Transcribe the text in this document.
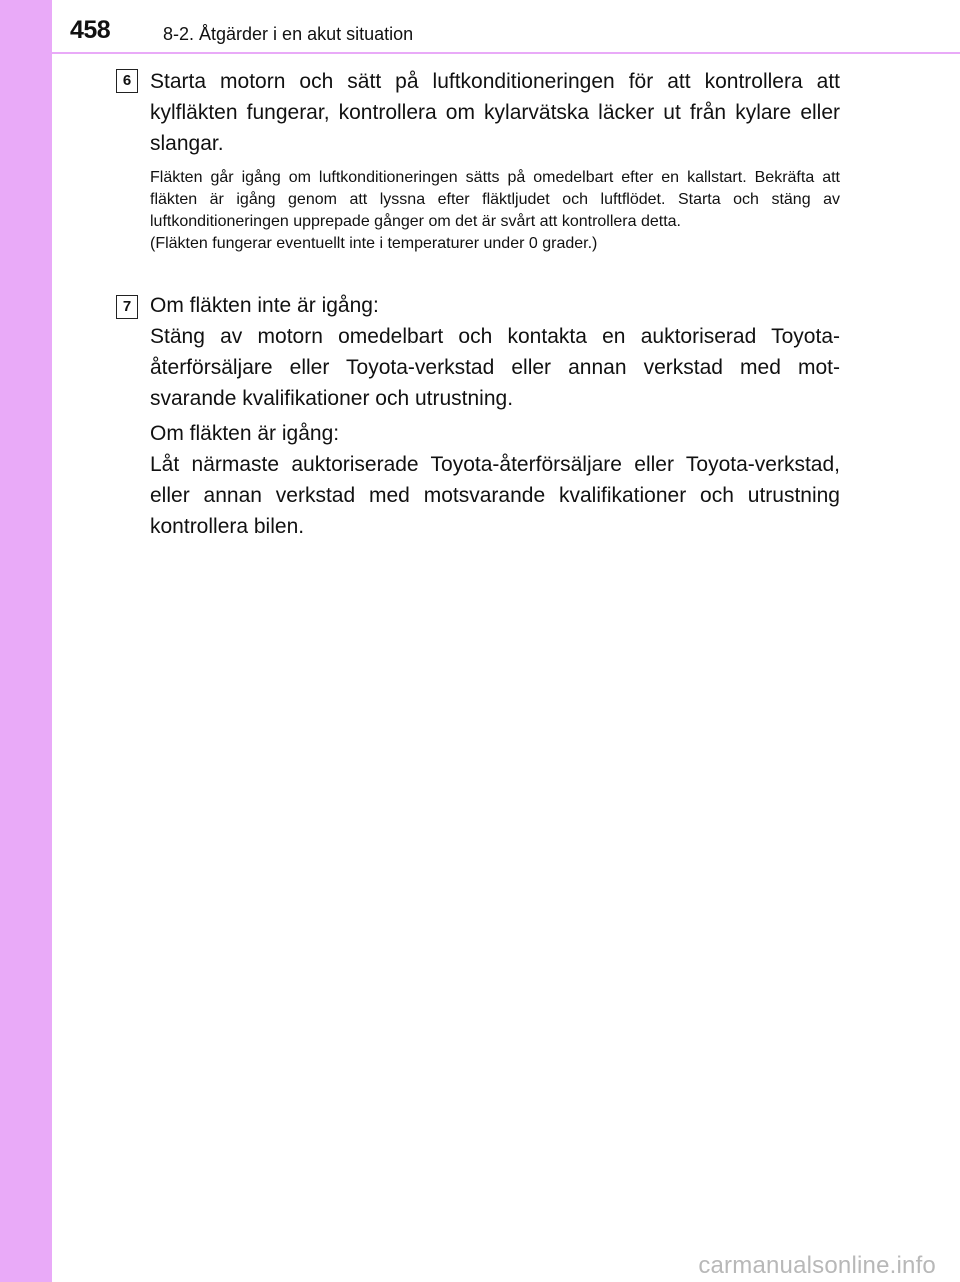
458	8-2. Åtgärder i en akut situation
6 Starta motorn och sätt på luftkonditioneringen för att kontrollera att kylfläkten fungerar, kontrollera om kylarvätska läcker ut från kylare eller slangar.

Fläkten går igång om luftkonditioneringen sätts på omedelbart efter en kallstart. Bekräfta att fläkten är igång genom att lyssna efter fläktljudet och luftflödet. Starta och stäng av luftkonditioneringen upprepade gånger om det är svårt att kontrollera detta.

(Fläkten fungerar eventuellt inte i temperaturer under 0 grader.)

7 Om fläkten inte är igång:

Stäng av motorn omedelbart och kontakta en auktoriserad Toyota-återförsäljare eller Toyota-verkstad eller annan verkstad med mot-svarande kvalifikationer och utrustning.

Om fläkten är igång:

Låt närmaste auktoriserade Toyota-återförsäljare eller Toyota-verkstad, eller annan verkstad med motsvarande kvalifikationer och utrustning kontrollera bilen.

carmanualsonline.info
